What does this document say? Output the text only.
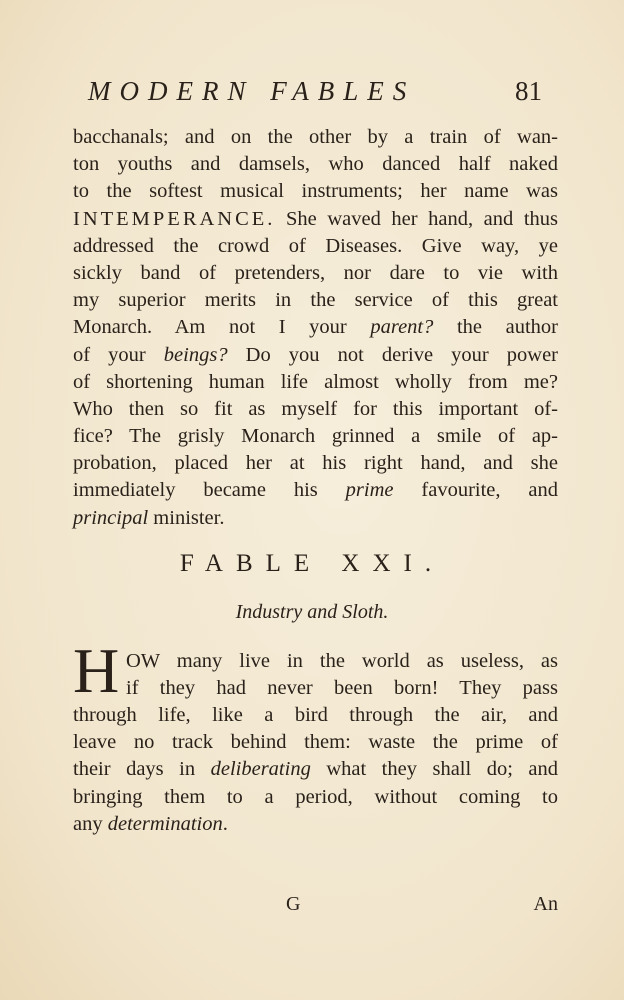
MODERN FABLES	81
bacchanals; and on the other by a train of wan-
ton youths and damsels, who danced half naked
to the softest musical instruments; her name was
INTEMPERANCE. She waved her hand, and thus
addressed the crowd of Diseases. Give way, ye
sickly band of pretenders, nor dare to vie with
my superior merits in the service of this great
Monarch. Am not I your parent? the author
of your beings? Do you not derive your power
of shortening human life almost wholly from me?
Who then so fit as myself for this important of-
fice? The grisly Monarch grinned a smile of ap-
probation, placed her at his right hand, and she
immediately became his prime favourite, and
principal minister.
FABLE XXI.
Industry and Sloth.
H OW many live in the world as useless, as
if they had never been born! They pass
through life, like a bird through the air, and
leave no track behind them: waste the prime of
their days in deliberating what they shall do; and
bringing them to a period, without coming to
any determination.
G	An
